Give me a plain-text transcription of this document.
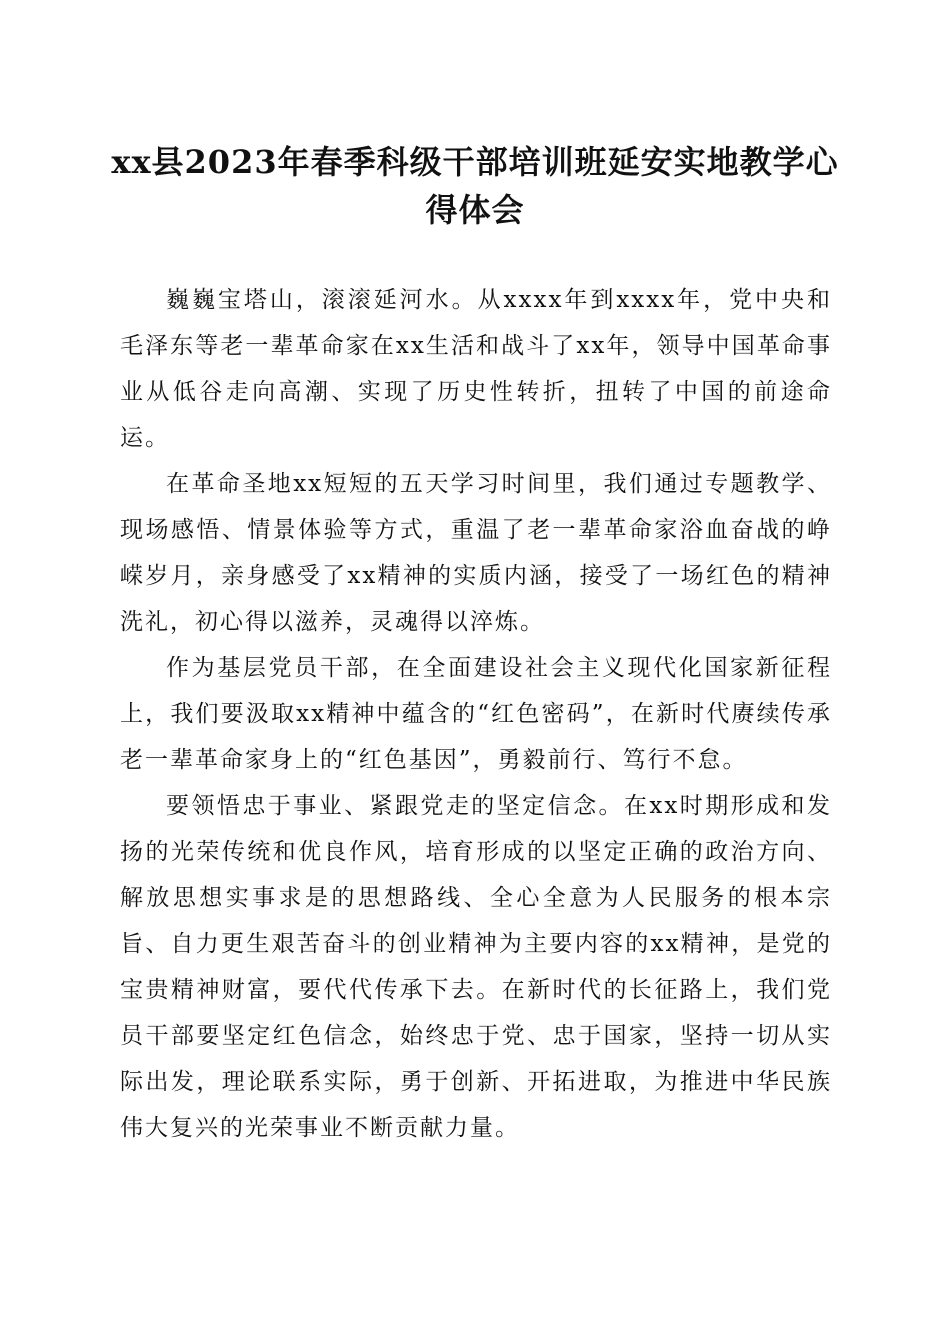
xx县2023年春季科级干部培训班延安实地教学心得体会

巍巍宝塔山，滚滚延河水。从xxxx年到xxxx年，党中央和毛泽东等老一辈革命家在xx生活和战斗了xx年，领导中国革命事业从低谷走向高潮、实现了历史性转折，扭转了中国的前途命运。

在革命圣地xx短短的五天学习时间里，我们通过专题教学、现场感悟、情景体验等方式，重温了老一辈革命家浴血奋战的峥嵘岁月，亲身感受了xx精神的实质内涵，接受了一场红色的精神洗礼，初心得以滋养，灵魂得以淬炼。

作为基层党员干部，在全面建设社会主义现代化国家新征程上，我们要汲取xx精神中蕴含的“红色密码”，在新时代赓续传承老一辈革命家身上的“红色基因”，勇毅前行、笃行不怠。

要领悟忠于事业、紧跟党走的坚定信念。在xx时期形成和发扬的光荣传统和优良作风，培育形成的以坚定正确的政治方向、解放思想实事求是的思想路线、全心全意为人民服务的根本宗旨、自力更生艰苦奋斗的创业精神为主要内容的xx精神，是党的宝贵精神财富，要代代传承下去。在新时代的长征路上，我们党员干部要坚定红色信念，始终忠于党、忠于国家，坚持一切从实际出发，理论联系实际，勇于创新、开拓进取，为推进中华民族伟大复兴的光荣事业不断贡献力量。
